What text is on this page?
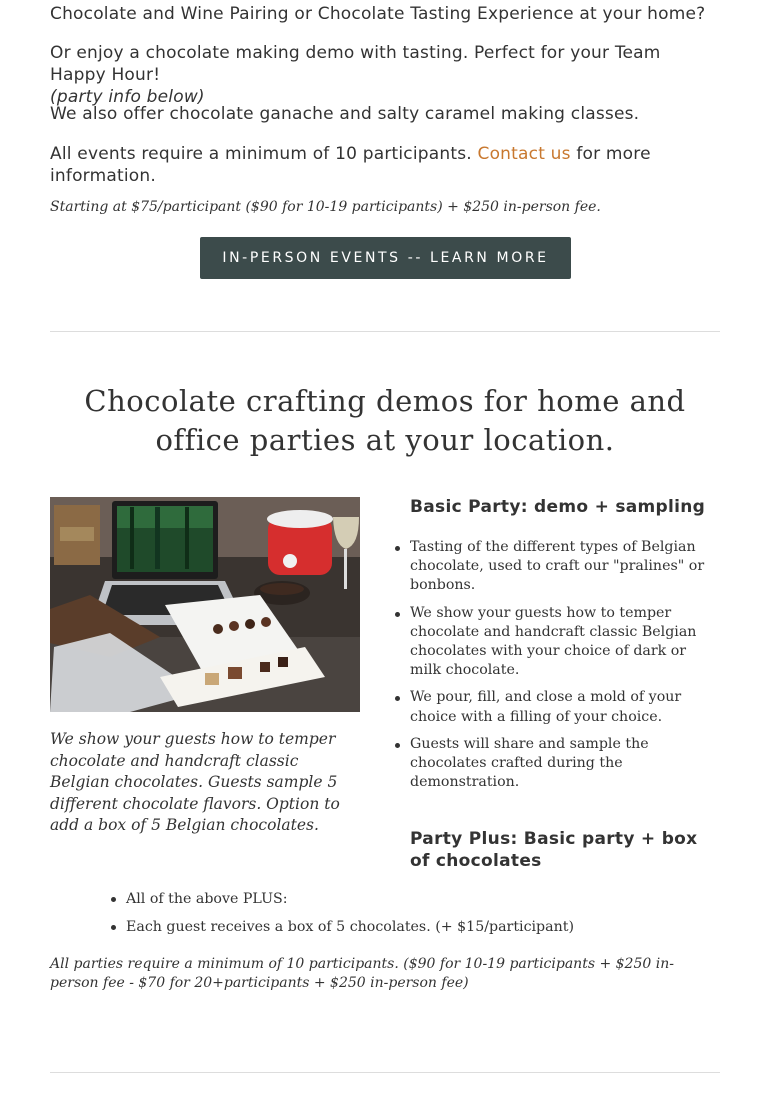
Chocolate and Wine Pairing or Chocolate Tasting Experience at your home?

Or enjoy a chocolate making demo with tasting. Perfect for your Team Happy Hour!
(party info below)

We also offer chocolate ganache and salty caramel making classes.

All events require a minimum of 10 participants. Contact us for more information.

Starting at $75/participant ($90 for 10-19 participants) + $250 in-person fee.

IN-PERSON EVENTS -- LEARN MORE
Chocolate crafting demos for home and office parties at your location.

We show your guests how to temper chocolate and handcraft classic Belgian chocolates. Guests sample 5 different chocolate flavors. Option to add a box of 5 Belgian chocolates.

Basic Party: demo + sampling
Tasting of the different types of Belgian chocolate, used to craft our "pralines" or bonbons.
We show your guests how to temper chocolate and handcraft classic Belgian chocolates with your choice of dark or milk chocolate.
We pour, fill, and close a mold of your choice with a filling of your choice.
Guests will share and sample the chocolates crafted during the demonstration.
Party Plus: Basic party + box of chocolates
All of the above PLUS:
Each guest receives a box of 5 chocolates. (+ $15/participant)

All parties require a minimum of 10 participants. ($90 for 10-19 participants + $250 in-person fee - $70 for 20+participants + $250 in-person fee)
